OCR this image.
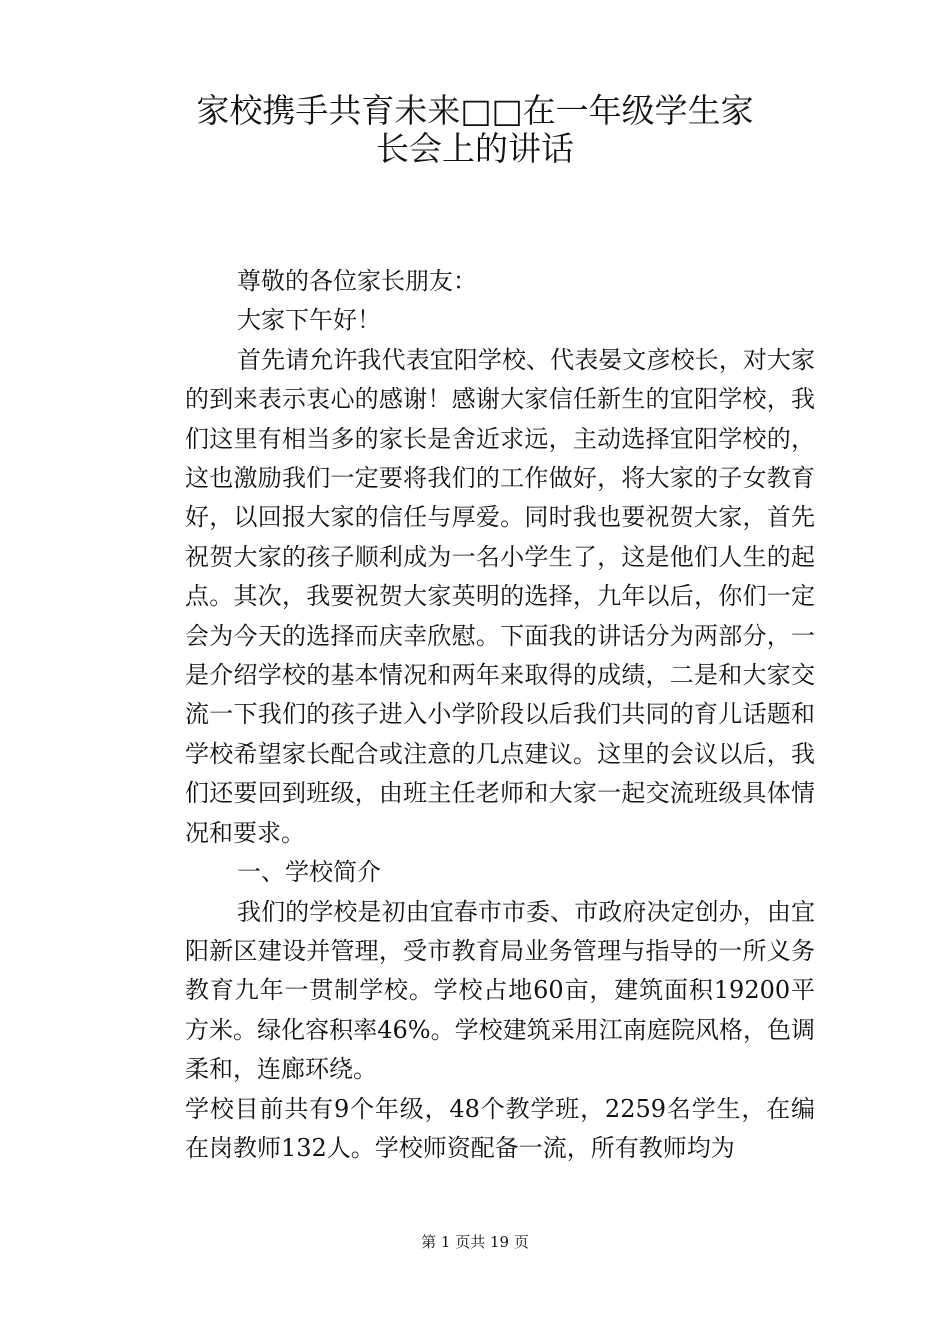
家校携手共育未来□□在一年级学生家
长会上的讲话

尊敬的各位家长朋友：

大家下午好！

首先请允许我代表宜阳学校、代表晏文彦校长，对大家的到来表示衷心的感谢！感谢大家信任新生的宜阳学校，我们这里有相当多的家长是舍近求远，主动选择宜阳学校的，这也激励我们一定要将我们的工作做好，将大家的子女教育好，以回报大家的信任与厚爱。同时我也要祝贺大家，首先祝贺大家的孩子顺利成为一名小学生了，这是他们人生的起点。其次，我要祝贺大家英明的选择，九年以后，你们一定会为今天的选择而庆幸欣慰。下面我的讲话分为两部分，一是介绍学校的基本情况和两年来取得的成绩，二是和大家交流一下我们的孩子进入小学阶段以后我们共同的育儿话题和学校希望家长配合或注意的几点建议。这里的会议以后，我们还要回到班级，由班主任老师和大家一起交流班级具体情况和要求。

一、学校简介

我们的学校是初由宜春市市委、市政府决定创办，由宜阳新区建设并管理，受市教育局业务管理与指导的一所义务教育九年一贯制学校。学校占地60亩，建筑面积19200平方米。绿化容积率46%。学校建筑采用江南庭院风格，色调柔和，连廊环绕。

学校目前共有9个年级，48个教学班，2259名学生，在编在岗教师132人。学校师资配备一流，所有教师均为

第 1 页共 19 页
